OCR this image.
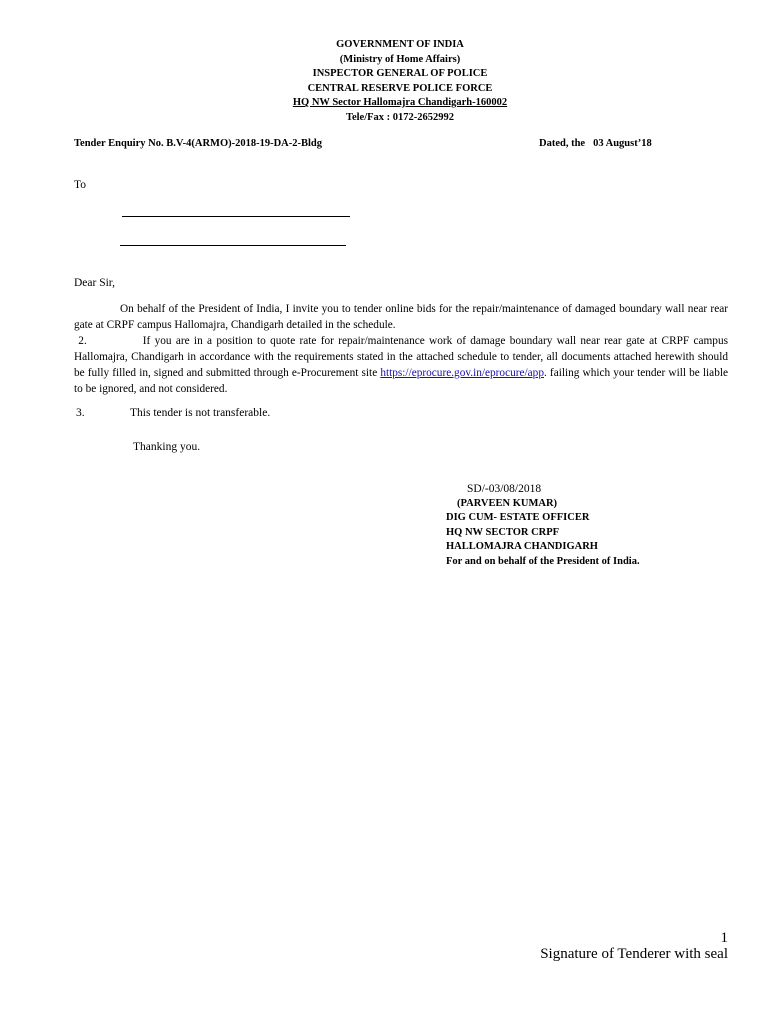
GOVERNMENT OF INDIA
(Ministry of Home Affairs)
INSPECTOR GENERAL OF POLICE
CENTRAL RESERVE POLICE FORCE
HQ NW Sector Hallomajra Chandigarh-160002
Tele/Fax : 0172-2652992
Tender Enquiry No. B.V-4(ARMO)-2018-19-DA-2-Bldg	Dated, the 03 August’18
To
Dear Sir,

On behalf of the President of India, I invite you to tender online bids for the repair/maintenance of damaged boundary wall near rear gate at CRPF campus Hallomajra, Chandigarh detailed in the schedule.

2.	If you are in a position to quote rate for repair/maintenance work of damage boundary wall near rear gate at CRPF campus Hallomajra, Chandigarh in accordance with the requirements stated in the attached schedule to tender, all documents attached herewith should be fully filled in, signed and submitted through e-Procurement site https://eprocure.gov.in/eprocure/app. failing which your tender will be liable to be ignored, and not considered.

3.	This tender is not transferable.
Thanking you.
SD/-03/08/2018
(PARVEEN KUMAR)
DIG CUM- ESTATE OFFICER
HQ NW SECTOR CRPF
HALLOMAJRA CHANDIGARH
For and on behalf of the President of India.
1
Signature of Tenderer with seal
